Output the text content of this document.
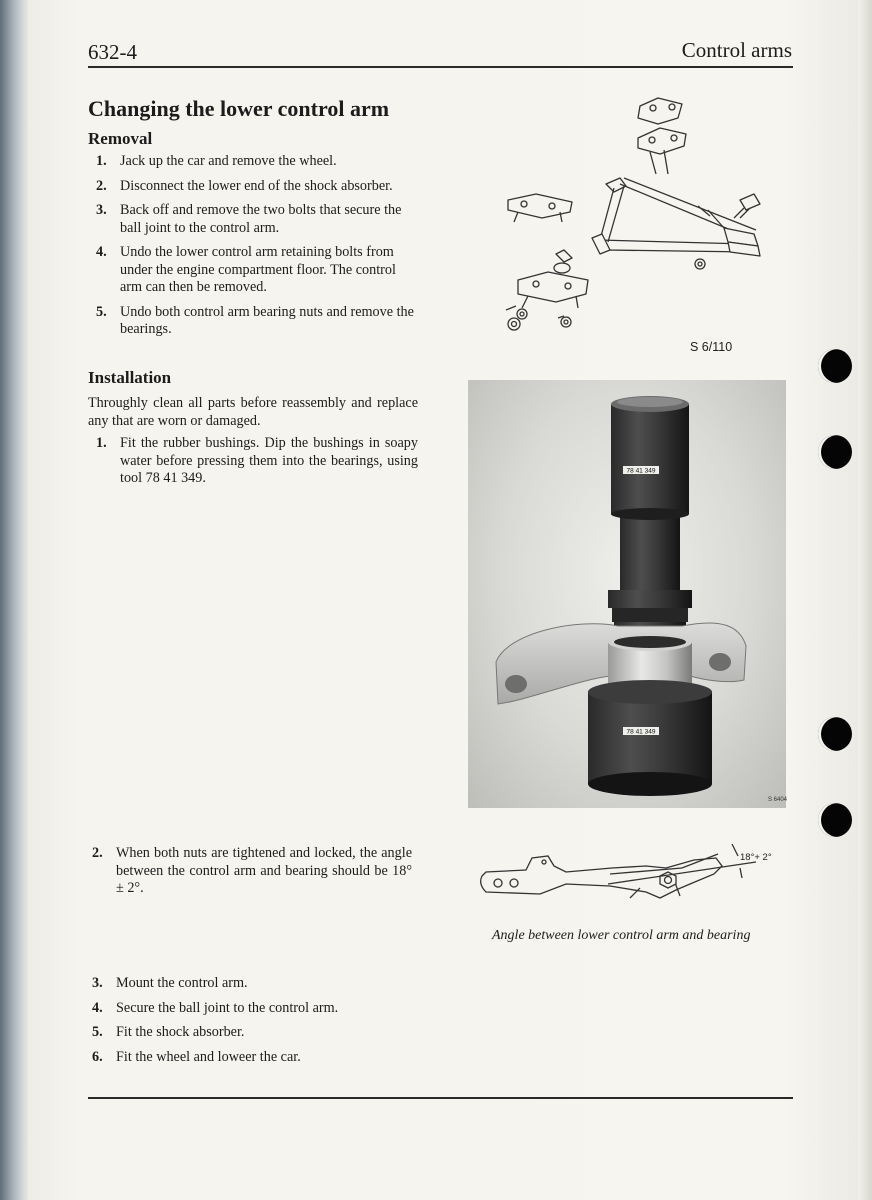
632-4	Control arms
Changing the lower control arm
Removal
1. Jack up the car and remove the wheel.
2. Disconnect the lower end of the shock absorber.
3. Back off and remove the two bolts that secure the ball joint to the control arm.
4. Undo the lower control arm retaining bolts from under the engine compartment floor. The control arm can then be removed.
5. Undo both control arm bearing nuts and remove the bearings.
Installation
Throughly clean all parts before reassembly and replace any that are worn or damaged.
1. Fit the rubber bushings. Dip the bushings in soapy water before pressing them into the bearings, using tool 78 41 349.
2. When both nuts are tightened and locked, the angle between the control arm and bearing should be 18° ± 2°.
3. Mount the control arm.
4. Secure the ball joint to the control arm.
5. Fit the shock absorber.
6. Fit the wheel and loweer the car.
S 6/110
78 41 349
78 41 349
S 6404
18°+ 2°
Angle between lower control arm and bearing
